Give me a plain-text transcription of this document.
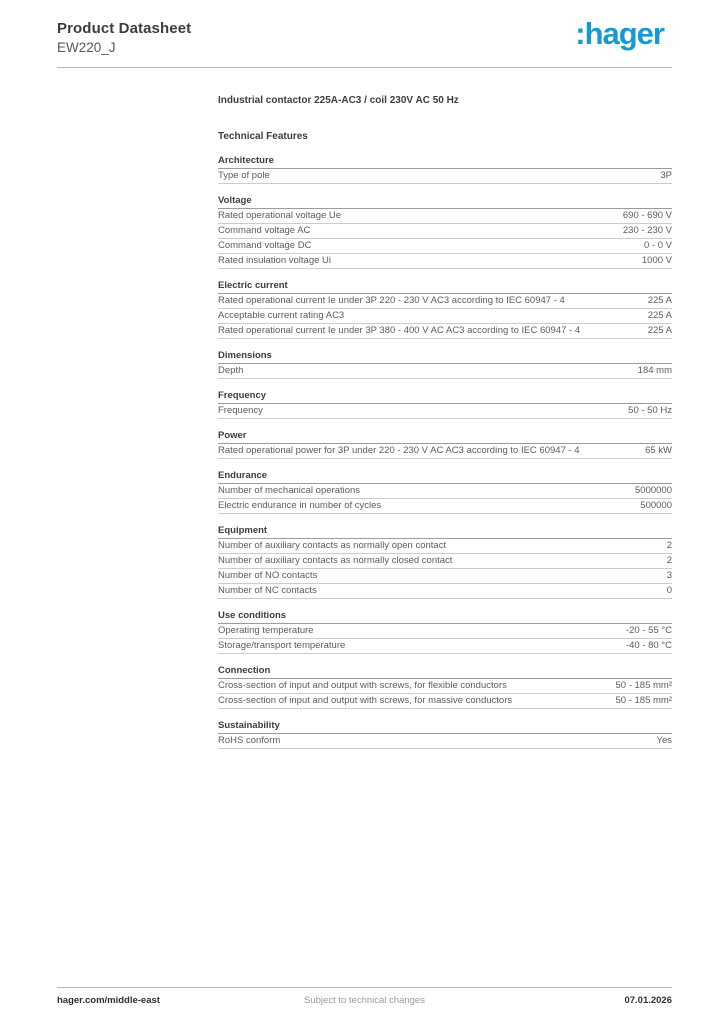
Product Datasheet
EW220_J	:hager
Industrial contactor 225A-AC3 / coil 230V AC 50 Hz
Technical Features
Architecture
Type of pole	3P
Voltage
Rated operational voltage Ue	690 - 690 V
Command voltage AC	230 - 230 V
Command voltage DC	0 - 0 V
Rated insulation voltage Ui	1000 V
Electric current
Rated operational current Ie under 3P 220 - 230 V AC3 according to IEC 60947 - 4	225 A
Acceptable current rating AC3	225 A
Rated operational current Ie under 3P 380 - 400 V AC AC3 according to IEC 60947 - 4	225 A
Dimensions
Depth	184 mm
Frequency
Frequency	50 - 50 Hz
Power
Rated operational power for 3P under 220 - 230 V AC AC3 according to IEC 60947 - 4	65 kW
Endurance
Number of mechanical operations	5000000
Electric endurance in number of cycles	500000
Equipment
Number of auxiliary contacts as normally open contact	2
Number of auxiliary contacts as normally closed contact	2
Number of NO contacts	3
Number of NC contacts	0
Use conditions
Operating temperature	-20 - 55 °C
Storage/transport temperature	-40 - 80 °C
Connection
Cross-section of input and output with screws, for flexible conductors	50 - 185 mm²
Cross-section of input and output with screws, for massive conductors	50 - 185 mm²
Sustainability
RoHS conform	Yes
hager.com/middle-east	Subject to technical changes	07.01.2026
